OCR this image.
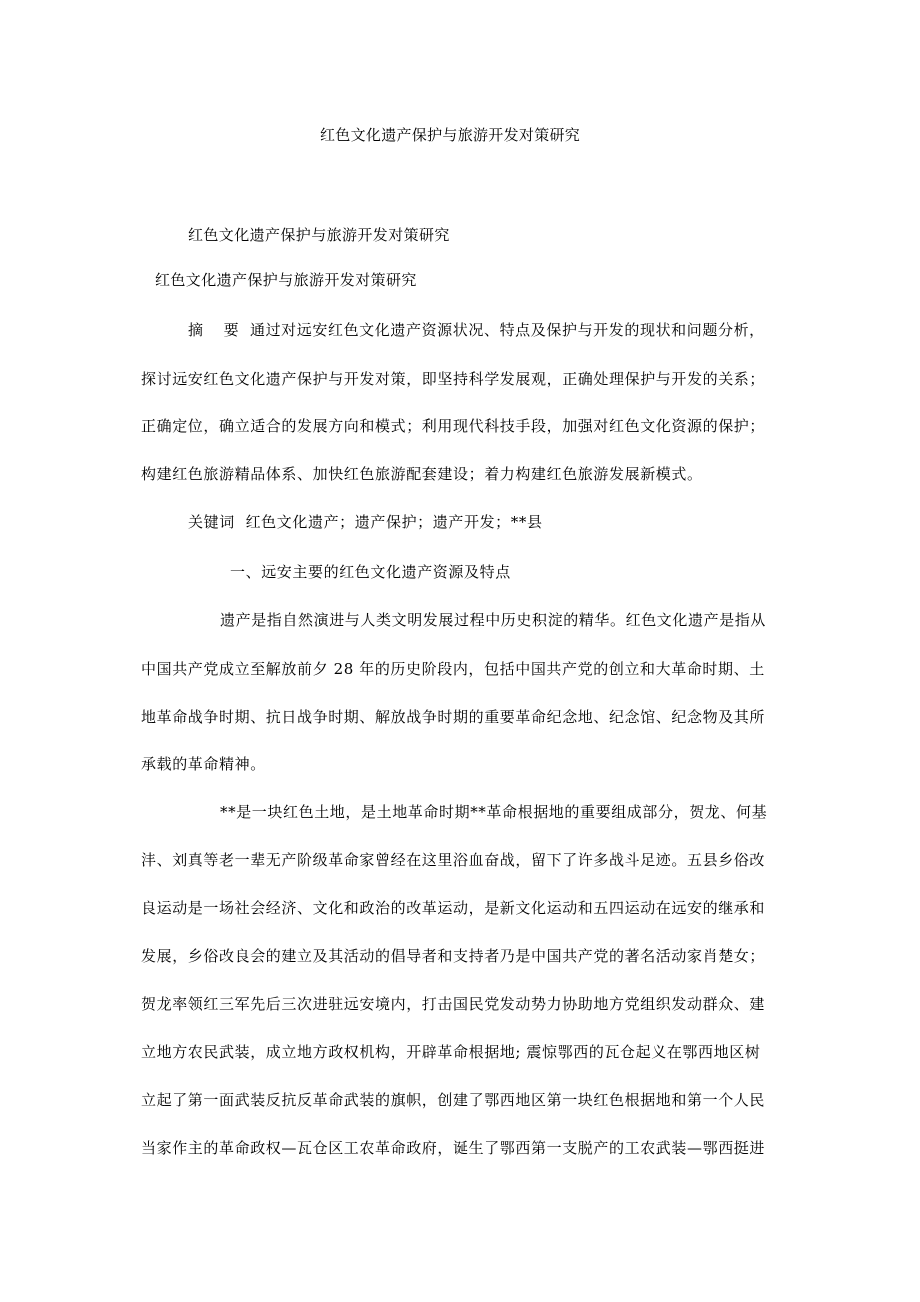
红色文化遗产保护与旅游开发对策研究
红色文化遗产保护与旅游开发对策研究
红色文化遗产保护与旅游开发对策研究
摘 要 通过对远安红色文化遗产资源状况、特点及保护与开发的现状和问题分析，
探讨远安红色文化遗产保护与开发对策，即坚持科学发展观，正确处理保护与开发的关系；
正确定位，确立适合的发展方向和模式；利用现代科技手段，加强对红色文化资源的保护；
构建红色旅游精品体系、加快红色旅游配套建设；着力构建红色旅游发展新模式。
关键词 红色文化遗产；遗产保护；遗产开发；**县
一、远安主要的红色文化遗产资源及特点
遗产是指自然演进与人类文明发展过程中历史积淀的精华。红色文化遗产是指从
中国共产党成立至解放前夕 28 年的历史阶段内，包括中国共产党的创立和大革命时期、土
地革命战争时期、抗日战争时期、解放战争时期的重要革命纪念地、纪念馆、纪念物及其所
承载的革命精神。
**是一块红色土地，是土地革命时期**革命根据地的重要组成部分，贺龙、何基
沣、刘真等老一辈无产阶级革命家曾经在这里浴血奋战，留下了许多战斗足迹。五县乡俗改
良运动是一场社会经济、文化和政治的改革运动，是新文化运动和五四运动在远安的继承和
发展，乡俗改良会的建立及其活动的倡导者和支持者乃是中国共产党的著名活动家肖楚女；
贺龙率领红三军先后三次进驻远安境内，打击国民党发动势力协助地方党组织发动群众、建
立地方农民武装，成立地方政权机构，开辟革命根据地; 震惊鄂西的瓦仓起义在鄂西地区树
立起了第一面武装反抗反革命武装的旗帜，创建了鄂西地区第一块红色根据地和第一个人民
当家作主的革命政权—瓦仓区工农革命政府，诞生了鄂西第一支脱产的工农武装—鄂西挺进
